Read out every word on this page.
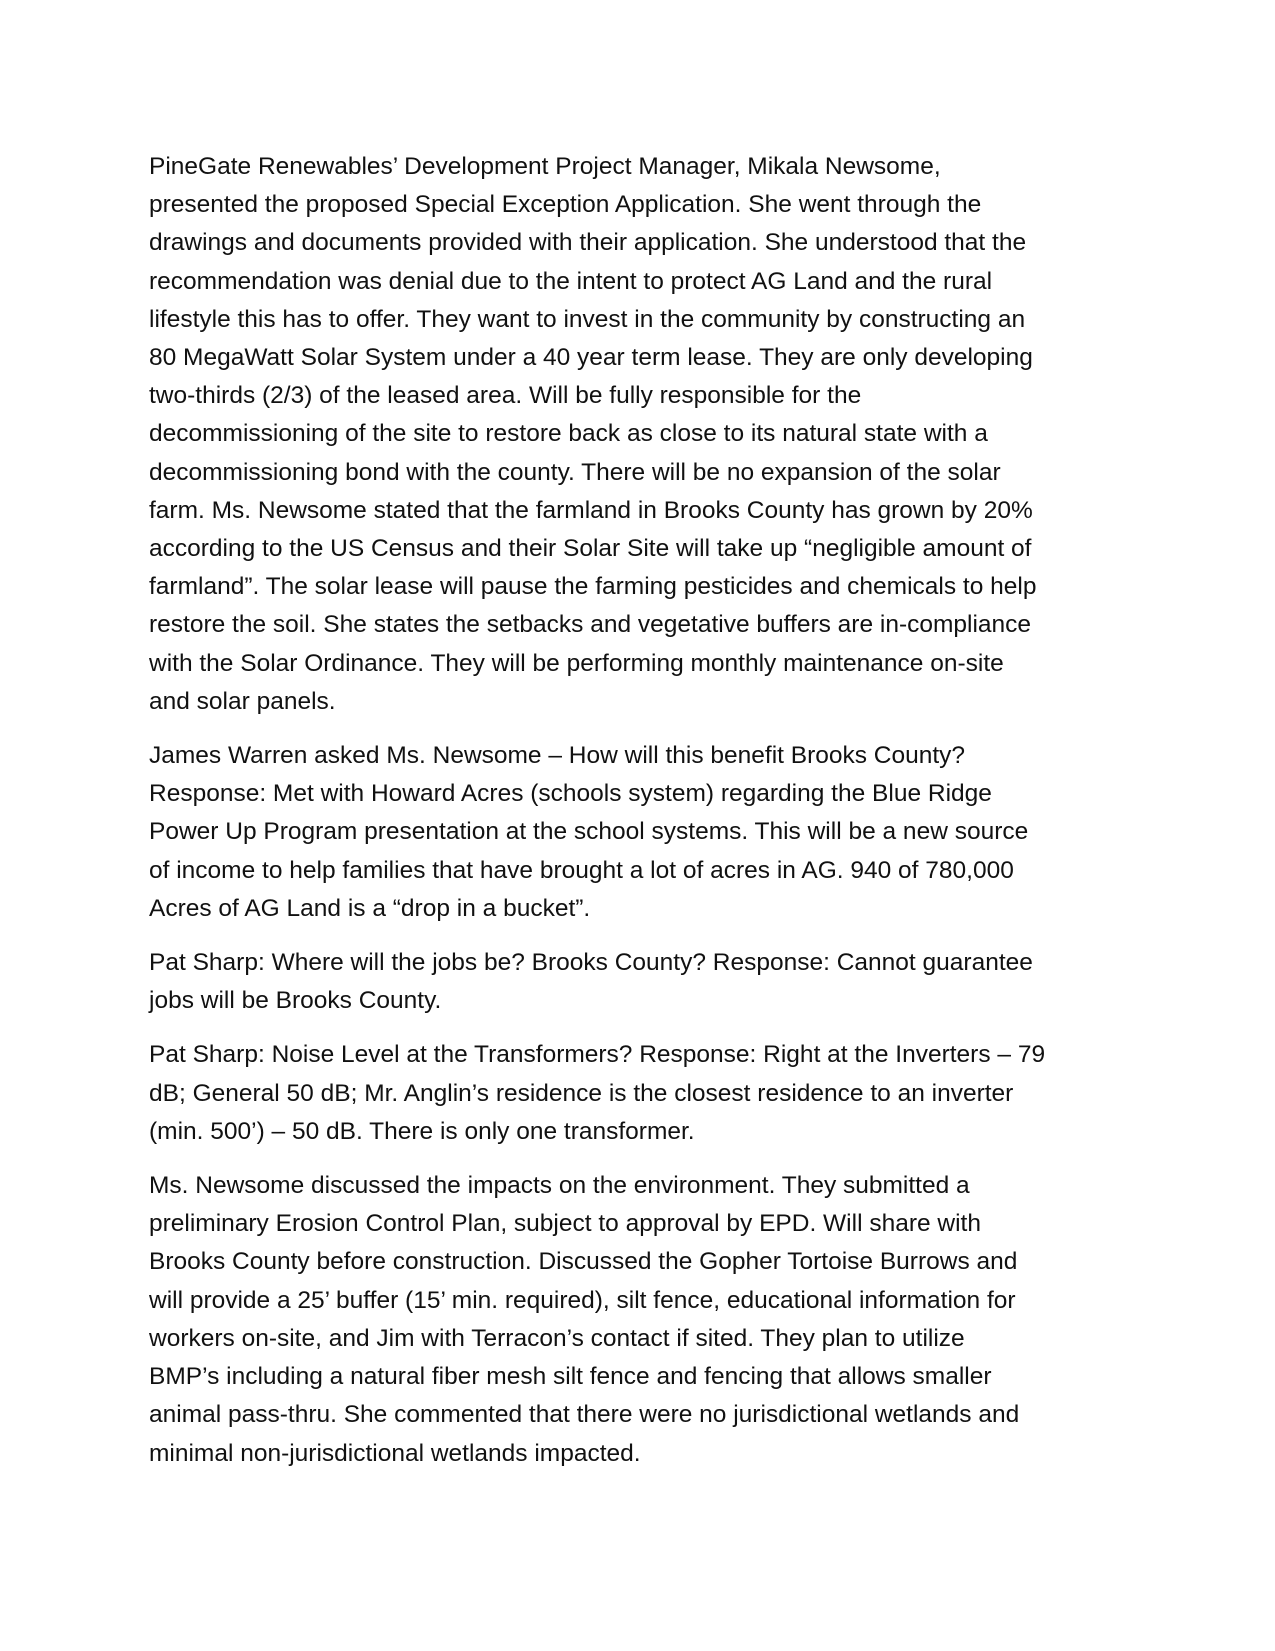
PineGate Renewables’ Development Project Manager, Mikala Newsome,
presented the proposed Special Exception Application. She went through the
drawings and documents provided with their application. She understood that the
recommendation was denial due to the intent to protect AG Land and the rural
lifestyle this has to offer. They want to invest in the community by constructing an
80 MegaWatt Solar System under a 40 year term lease. They are only developing
two-thirds (2/3) of the leased area. Will be fully responsible for the
decommissioning of the site to restore back as close to its natural state with a
decommissioning bond with the county. There will be no expansion of the solar
farm. Ms. Newsome stated that the farmland in Brooks County has grown by 20%
according to the US Census and their Solar Site will take up “negligible amount of
farmland”. The solar lease will pause the farming pesticides and chemicals to help
restore the soil. She states the setbacks and vegetative buffers are in-compliance
with the Solar Ordinance. They will be performing monthly maintenance on-site
and solar panels.

James Warren asked Ms. Newsome – How will this benefit Brooks County?
Response: Met with Howard Acres (schools system) regarding the Blue Ridge
Power Up Program presentation at the school systems. This will be a new source
of income to help families that have brought a lot of acres in AG. 940 of 780,000
Acres of AG Land is a “drop in a bucket”.

Pat Sharp: Where will the jobs be? Brooks County? Response: Cannot guarantee
jobs will be Brooks County.

Pat Sharp: Noise Level at the Transformers? Response: Right at the Inverters – 79
dB; General 50 dB; Mr. Anglin’s residence is the closest residence to an inverter
(min. 500’) – 50 dB. There is only one transformer.

Ms. Newsome discussed the impacts on the environment. They submitted a
preliminary Erosion Control Plan, subject to approval by EPD. Will share with
Brooks County before construction. Discussed the Gopher Tortoise Burrows and
will provide a 25’ buffer (15’ min. required), silt fence, educational information for
workers on-site, and Jim with Terracon’s contact if sited. They plan to utilize
BMP’s including a natural fiber mesh silt fence and fencing that allows smaller
animal pass-thru. She commented that there were no jurisdictional wetlands and
minimal non-jurisdictional wetlands impacted.
